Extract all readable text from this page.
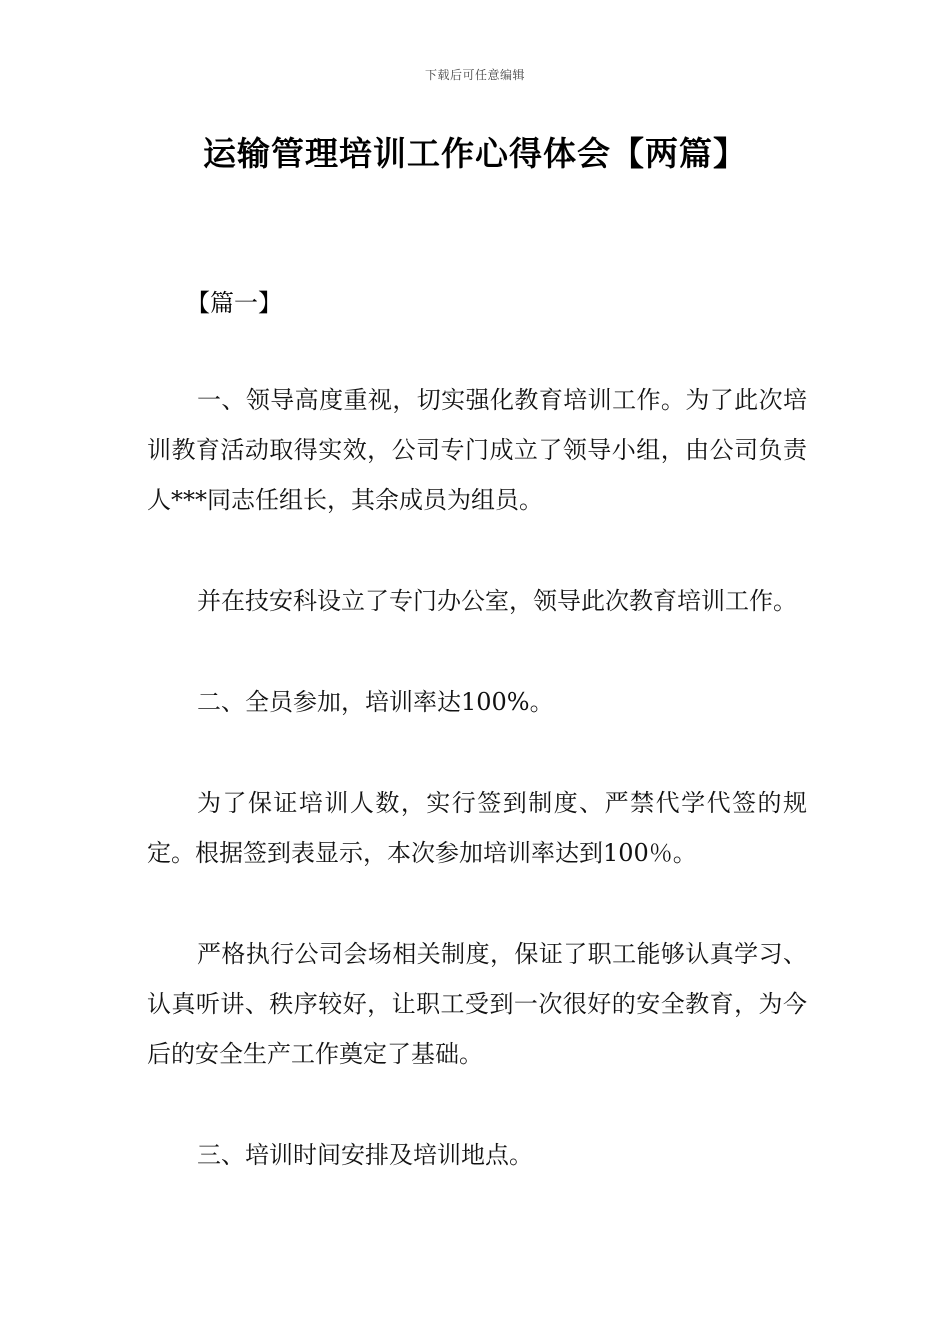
下载后可任意编辑
运输管理培训工作心得体会【两篇】
【篇一】

一、领导高度重视，切实强化教育培训工作。为了此次培训教育活动取得实效，公司专门成立了领导小组，由公司负责人***同志任组长，其余成员为组员。

并在技安科设立了专门办公室，领导此次教育培训工作。

二、全员参加，培训率达100%。

为了保证培训人数，实行签到制度、严禁代学代签的规定。根据签到表显示，本次参加培训率达到100％。

严格执行公司会场相关制度，保证了职工能够认真学习、认真听讲、秩序较好，让职工受到一次很好的安全教育，为今后的安全生产工作奠定了基础。

三、培训时间安排及培训地点。
